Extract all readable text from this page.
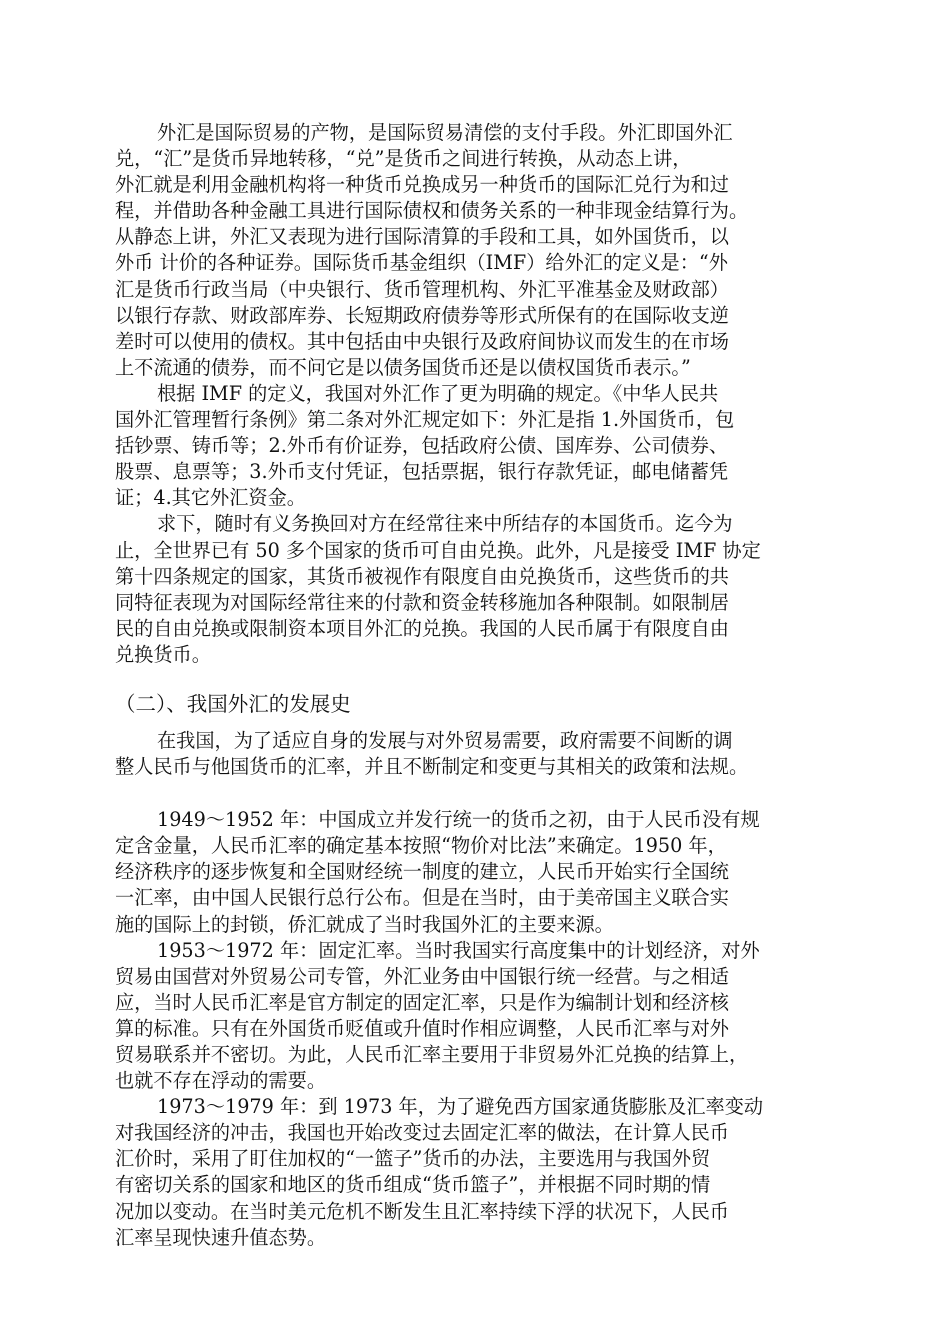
外汇是国际贸易的产物，是国际贸易清偿的支付手段。外汇即国外汇
兑，“汇”是货币异地转移，“兑”是货币之间进行转换，从动态上讲，
外汇就是利用金融机构将一种货币兑换成另一种货币的国际汇兑行为和过
程，并借助各种金融工具进行国际债权和债务关系的一种非现金结算行为。
从静态上讲，外汇又表现为进行国际清算的手段和工具，如外国货币，以
外币 计价的各种证券。国际货币基金组织（IMF）给外汇的定义是：“外
汇是货币行政当局（中央银行、货币管理机构、外汇平准基金及财政部）
以银行存款、财政部库券、长短期政府债券等形式所保有的在国际收支逆
差时可以使用的债权。其中包括由中央银行及政府间协议而发生的在市场
上不流通的债券，而不问它是以债务国货币还是以债权国货币表示。”
根据 IMF 的定义，我国对外汇作了更为明确的规定。《中华人民共
国外汇管理暂行条例》第二条对外汇规定如下：外汇是指 1.外国货币，包
括钞票、铸币等；2.外币有价证券，包括政府公债、国库券、公司债券、
股票、息票等；3.外币支付凭证，包括票据，银行存款凭证，邮电储蓄凭
证；4.其它外汇资金。
求下，随时有义务换回对方在经常往来中所结存的本国货币。迄今为
止，全世界已有 50 多个国家的货币可自由兑换。此外，凡是接受 IMF 协定
第十四条规定的国家，其货币被视作有限度自由兑换货币，这些货币的共
同特征表现为对国际经常往来的付款和资金转移施加各种限制。如限制居
民的自由兑换或限制资本项目外汇的兑换。我国的人民币属于有限度自由
兑换货币。
（二）、我国外汇的发展史
在我国，为了适应自身的发展与对外贸易需要，政府需要不间断的调
整人民币与他国货币的汇率，并且不断制定和变更与其相关的政策和法规。
1949～1952 年：中国成立并发行统一的货币之初，由于人民币没有规
定含金量，人民币汇率的确定基本按照“物价对比法”来确定。1950 年，
经济秩序的逐步恢复和全国财经统一制度的建立，人民币开始实行全国统
一汇率，由中国人民银行总行公布。但是在当时，由于美帝国主义联合实
施的国际上的封锁，侨汇就成了当时我国外汇的主要来源。
1953～1972 年：固定汇率。当时我国实行高度集中的计划经济，对外
贸易由国营对外贸易公司专管，外汇业务由中国银行统一经营。与之相适
应，当时人民币汇率是官方制定的固定汇率，只是作为编制计划和经济核
算的标准。只有在外国货币贬值或升值时作相应调整，人民币汇率与对外
贸易联系并不密切。为此，人民币汇率主要用于非贸易外汇兑换的结算上，
也就不存在浮动的需要。
1973～1979 年：到 1973 年，为了避免西方国家通货膨胀及汇率变动
对我国经济的冲击，我国也开始改变过去固定汇率的做法，在计算人民币
汇价时，采用了盯住加权的“一篮子”货币的办法，主要选用与我国外贸
有密切关系的国家和地区的货币组成“货币篮子”，并根据不同时期的情
况加以变动。在当时美元危机不断发生且汇率持续下浮的状况下，人民币
汇率呈现快速升值态势。
